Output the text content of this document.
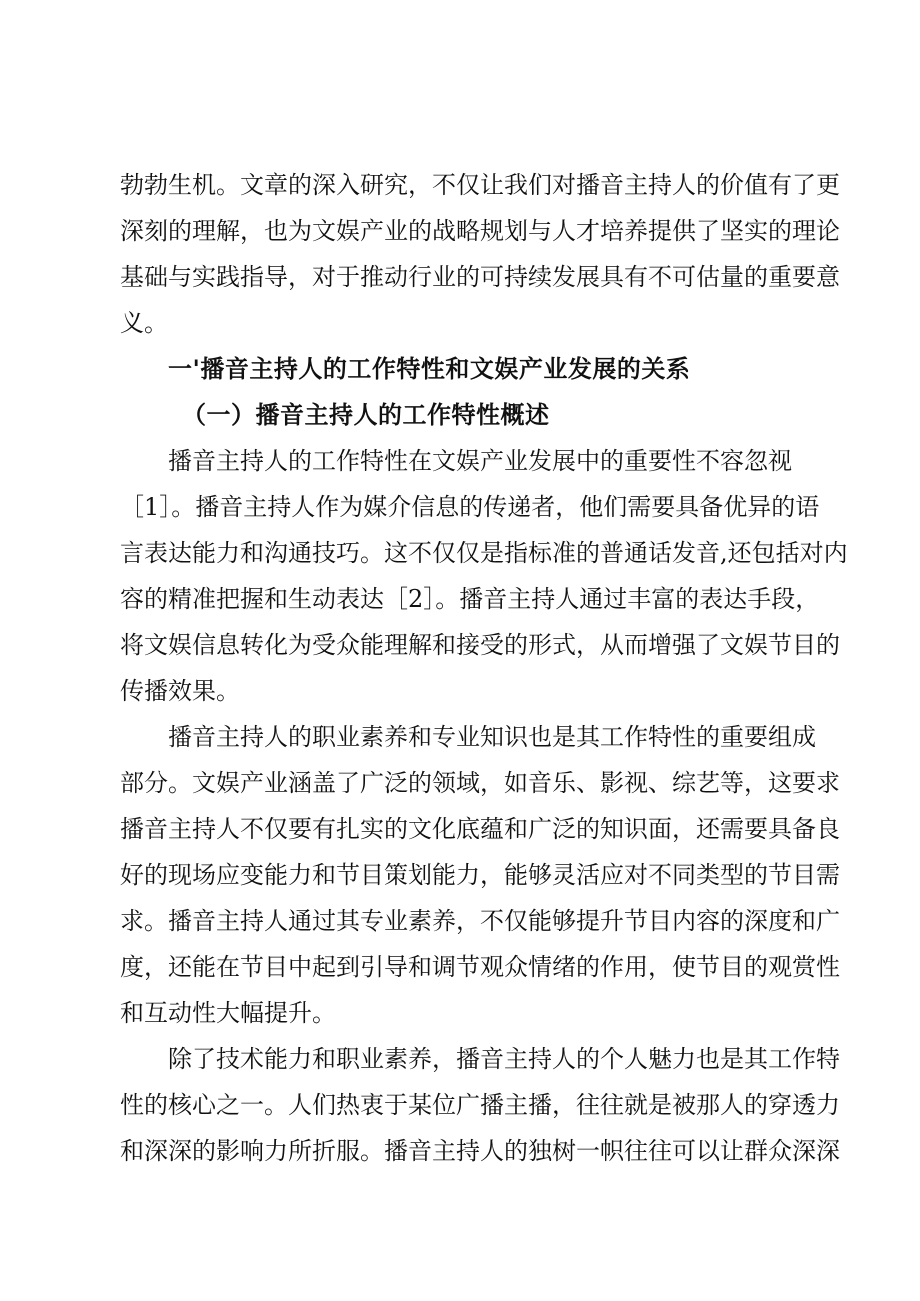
勃勃生机。文章的深入研究，不仅让我们对播音主持人的价值有了更
深刻的理解，也为文娱产业的战略规划与人才培养提供了坚实的理论
基础与实践指导，对于推动行业的可持续发展具有不可估量的重要意
义。
一'播音主持人的工作特性和文娱产业发展的关系
（一）播音主持人的工作特性概述
播音主持人的工作特性在文娱产业发展中的重要性不容忽视
［1］。播音主持人作为媒介信息的传递者，他们需要具备优异的语
言表达能力和沟通技巧。这不仅仅是指标准的普通话发音,还包括对内
容的精准把握和生动表达［2］。播音主持人通过丰富的表达手段，
将文娱信息转化为受众能理解和接受的形式，从而增强了文娱节目的
传播效果。
播音主持人的职业素养和专业知识也是其工作特性的重要组成
部分。文娱产业涵盖了广泛的领域，如音乐、影视、综艺等，这要求
播音主持人不仅要有扎实的文化底蕴和广泛的知识面，还需要具备良
好的现场应变能力和节目策划能力，能够灵活应对不同类型的节目需
求。播音主持人通过其专业素养，不仅能够提升节目内容的深度和广
度，还能在节目中起到引导和调节观众情绪的作用，使节目的观赏性
和互动性大幅提升。
除了技术能力和职业素养，播音主持人的个人魅力也是其工作特
性的核心之一。人们热衷于某位广播主播，往往就是被那人的穿透力
和深深的影响力所折服。播音主持人的独树一帜往往可以让群众深深
